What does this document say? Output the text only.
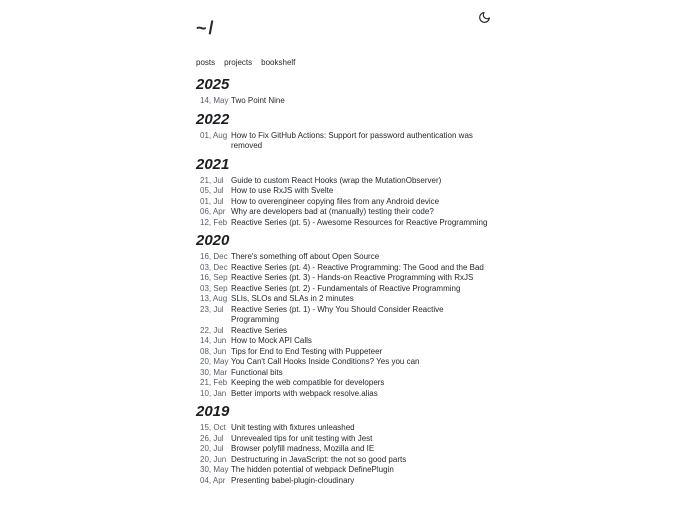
~/
posts projects bookshelf
2025
14, May Two Point Nine
2022
01, Aug How to Fix GitHub Actions: Support for password authentication was removed
2021
21, Jul Guide to custom React Hooks (wrap the MutationObserver)
05, Jul How to use RxJS with Svelte
01, Jul How to overengineer copying files from any Android device
06, Apr Why are developers bad at (manually) testing their code?
12, Feb Reactive Series (pt. 5) - Awesome Resources for Reactive Programming
2020
16, Dec There's something off about Open Source
03, Dec Reactive Series (pt. 4) - Reactive Programming: The Good and the Bad
16, Sep Reactive Series (pt. 3) - Hands-on Reactive Programming with RxJS
03, Sep Reactive Series (pt. 2) - Fundamentals of Reactive Programming
13, Aug SLIs, SLOs and SLAs in 2 minutes
23, Jul Reactive Series (pt. 1) - Why You Should Consider Reactive Programming
22, Jul Reactive Series
14, Jun How to Mock API Calls
08, Jun Tips for End to End Testing with Puppeteer
20, May You Can't Call Hooks Inside Conditions? Yes you can
30, Mar Functional bits
21, Feb Keeping the web compatible for developers
10, Jan Better imports with webpack resolve.alias
2019
15, Oct Unit testing with fixtures unleashed
26, Jul Unrevealed tips for unit testing with Jest
20, Jul Browser polyfill madness, Mozilla and IE
20, Jun Destructuring in JavaScript: the not so good parts
30, May The hidden potential of webpack DefinePlugin
04, Apr Presenting babel-plugin-cloudinary
